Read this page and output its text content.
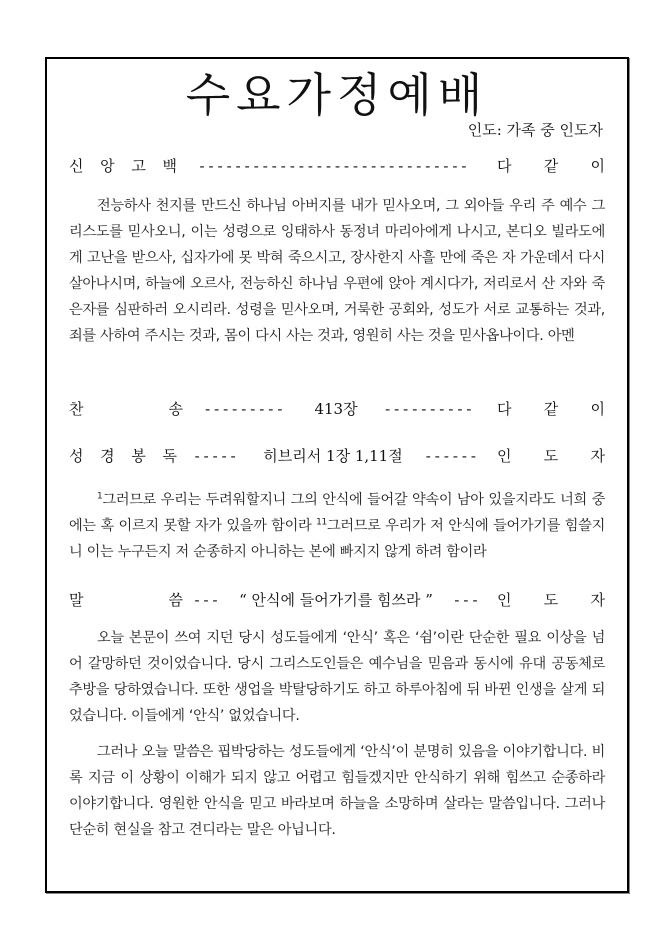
수요가정예배
인도: 가족 중 인도자
신 앙 고 백	------------------------------	다 같 이
전능하사 천지를 만드신 하나님 아버지를 내가 믿사오며, 그 외아들 우리 주 예수 그리스도를 믿사오니, 이는 성령으로 잉태하사 동정녀 마리아에게 나시고, 본디오 빌라도에게 고난을 받으사, 십자가에 못 박혀 죽으시고, 장사한지 사흘 만에 죽은 자 가운데서 다시 살아나시며, 하늘에 오르사, 전능하신 하나님 우편에 앉아 계시다가, 저리로서 산 자와 죽은자를 심판하러 오시리라. 성령을 믿사오며, 거룩한 공회와, 성도가 서로 교통하는 것과, 죄를 사하여 주시는 것과, 몸이 다시 사는 것과, 영원히 사는 것을 믿사옵나이다. 아멘
찬	송	---------	413장	----------	다 같 이
성 경 봉 독	-----	히브리서 1장 1,11절	------	인 도 자
$^1$그러므로 우리는 두려워할지니 그의 안식에 들어갈 약속이 남아 있을지라도 너희 중에는 혹 이르지 못할 자가 있을까 함이라 $^{11}$그러므로 우리가 저 안식에 들어가기를 힘쓸지니 이는 누구든지 저 순종하지 아니하는 본에 빠지지 않게 하려 함이라
말	씀 ---	“ 안식에 들어가기를 힘쓰라 ”	---	인 도 자
오늘 본문이 쓰여 지던 당시 성도들에게 ‘안식’ 혹은 ‘쉼’이란 단순한 필요 이상을 넘어 갈망하던 것이었습니다. 당시 그리스도인들은 예수님을 믿음과 동시에 유대 공동체로 추방을 당하였습니다. 또한 생업을 박탈당하기도 하고 하루아침에 뒤 바뀐 인생을 살게 되었습니다. 이들에게 ‘안식’ 없었습니다.
그러나 오늘 말씀은 핍박당하는 성도들에게 ‘안식’이 분명히 있음을 이야기합니다. 비록 지금 이 상황이 이해가 되지 않고 어렵고 힘들겠지만 안식하기 위해 힘쓰고 순종하라 이야기합니다. 영원한 안식을 믿고 바라보며 하늘을 소망하며 살라는 말씀입니다. 그러나 단순히 현실을 참고 견디라는 말은 아닙니다.
